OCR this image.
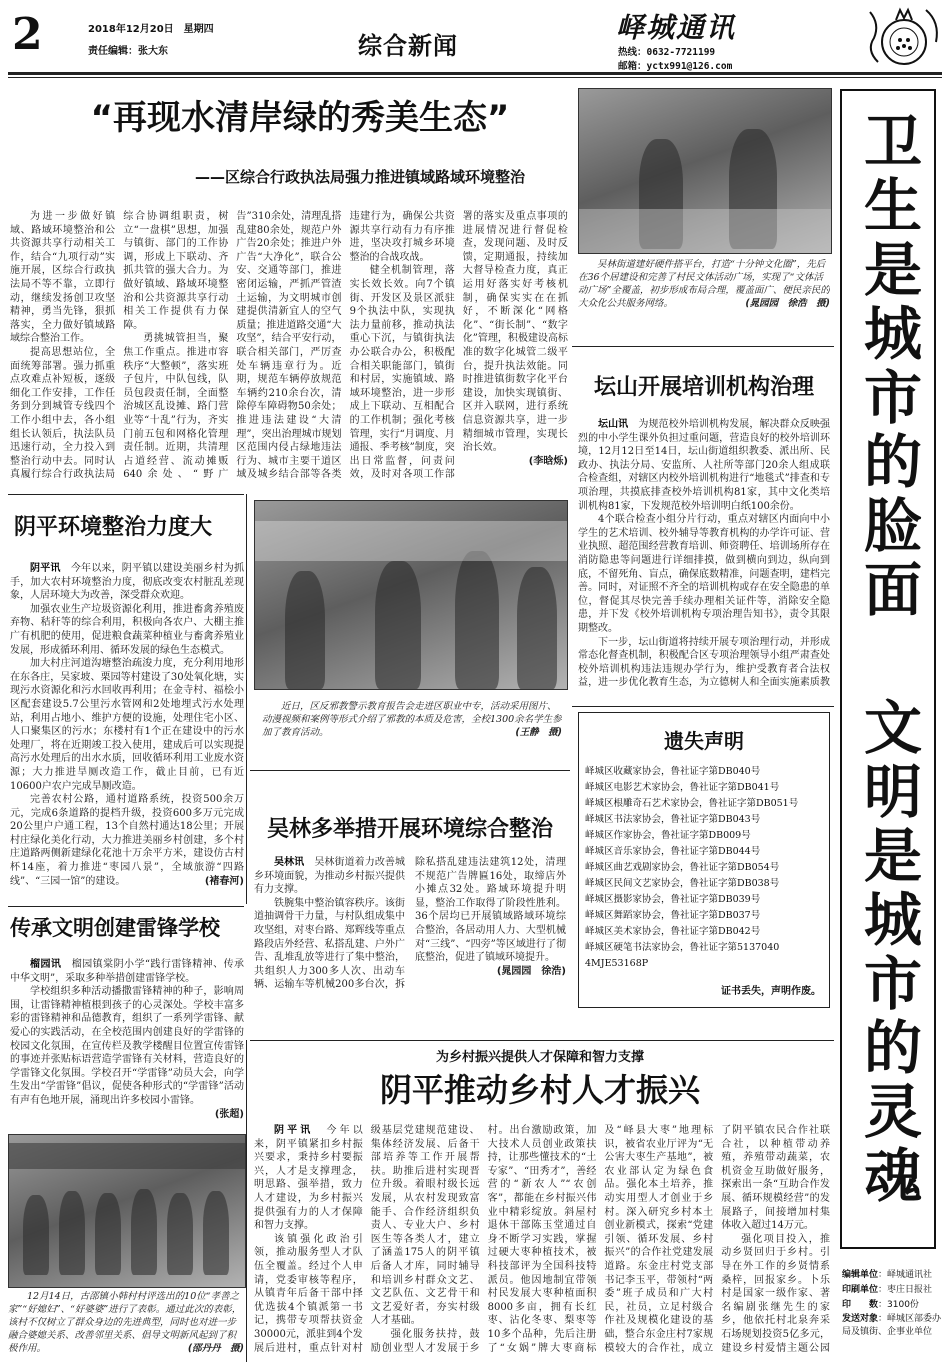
2	2018年12月20日　星期四
责任编辑：张大东	综合新闻
峄城通讯
热线：0632-7721199
邮箱：yctx991@126.com
卫生是城市的脸面 文明是城市的灵魂
编辑单位：峄城通讯社
印刷单位：枣庄日报社
印　　数：3100份
发送对象：峄城区部委办局及镇街、企事业单位
“再现水清岸绿的秀美生态”
——区综合行政执法局强力推进镇域路域环境整治

为进一步做好镇域、路域环境整治和公共资源共享行动相关工作，结合“九项行动”实施开展，区综合行政执法局不等不靠，立即行动，继续发扬创卫攻坚精神，勇当先锋，狠抓落实，全力做好镇域路域综合整治工作。

提高思想站位，全面统筹部署。强力抓重点攻难点补短板，逐级细化工作安排，工作任务到分到城管专线四个工作小组中去，各小组组长认领后，执法队员迅速行动，全力投入到整治行动中去。同时认真履行综合行政执法局综合协调组职责，树立“一盘棋”思想，加强与镇街、部门的工作协调，形成上下联动、齐抓共管的强大合力。为做好镇域、路域环境整治和公共资源共享行动相关工作提供有力保障。

勇挑城管担当，聚焦工作重点。推进市容秩序“大整顿”，落实班子包片，中队包线，队员包段责任制，全面整治城区乱设摊、路门营业等“十乱”行为，齐实门前五包和网格化管理责任制。近期，共清理占道经营、流动摊贩640余处、“野广告”310余处，清理乱搭乱建80余处，规范户外广告20余处；推进户外广告“大净化”，联合公安、交通等部门，推进密闭运输，严抓严管渣土运输，为文明城市创建提供清新宜人的空气质量；推进道路交通“大攻坚”，结合平安行动，联合相关部门，严厉查处车辆违章行为。近期，规范车辆停放规范车辆约210余台次，清除停车障碍物50余处；推进违法建设“大清理”，突出治理城市规划区范围内侵占绿地违法行为、城市主要干道区域及城乡结合部等各类违建行为，确保公共资源共享行动有力有序推进，坚决攻打城乡环境整治的合战攻战。

健全机制管理，落实长效长效。向7个镇街、开发区及景区派驻9个执法中队，实现执法力量前移，推动执法重心下沉，与镇街执法办公联合办公，积极配合相关职能部门，镇街和村居，实施镇域、路域环境整治，进一步形成上下联动、互相配合的工作机制；强化考核管理，实行“月调度、月通报、季考核”制度，突出日常监督，问责问效，及时对各项工作部署的落实及重点事项的进展情况进行督促检查，发现问题、及时反馈，定期通报，持续加大督导检查力度，真正运用好落实好考核机制，确保实实在在抓好，不断深化“网格化”、“街长制”、“数字化”管理，积极建设高标准的数字化城管二级平台，提升执法效能。同时推进镇街数字化平台建设，加快实现镇街、区并入联网，进行系统信息资源共享，进一步精细城市管理，实现长治长效。

(李晗烁)

吴林街道建好硬件搭平台，打造“十分钟文化圈”，先后在36个居建设和完善了村民文体活动广场，实现了“文体活动广场”全覆盖，初步形成布局合理，覆盖面广、便民亲民的大众化公共服务网络。	(晁园园　徐浩　摄)

坛山开展培训机构治理

坛山讯　 为规范校外培训机构发展，解决群众反映强烈的中小学生课外负担过重问题，营造良好的校外培训环境，12月12日至14日，坛山街道组织教委、派出所、民政办、执法分局、安监所、人社所等部门20余人组成联合检查组，对辖区内校外培训机构进行“地毯式”排查和专项治理，共摸底排查校外培训机构81家，其中文化类培训机构81家，下发规范校外培训明白纸100余份。

4个联合检查小组分片行动，重点对辖区内面向中小学生的艺术培训、校外辅导等教育机构的办学许可证、营业执照、超范围经营教育培训、师资聘任、培训场所存在消防隐患等问题进行详细排摸，做到横向到边，纵向到底，不留死角、盲点，确保底数精准，问题查明，建档完善。同时，对证照不齐全的培训机构或存在安全隐患的单位，督促其尽快完善手续办理相关证件等，消除安全隐患，并下发《校外培训机构专项治理告知书》，责令其限期整改。

下一步，坛山街道将持续开展专项治理行动，并形成常态化督查机制，积极配合区专项治理领导小组严肃查处校外培训机构违法违规办学行为，维护受教育者合法权益，进一步优化教育生态，为立德树人和全面实施素质教

遗失声明
峄城区收藏家协会，鲁社证字第DB040号
峄城区电影艺术家协会，鲁社证字第DB041号
峄城区根雕奇石艺术家协会，鲁社证字第DB051号
峄城区书法家协会，鲁社证字第DB043号
峄城区作家协会，鲁社证字第DB009号
峄城区音乐家协会，鲁社证字第DB044号
峄城区曲艺戏剧家协会，鲁社证字第DB054号
峄城区民间文艺家协会，鲁社证字第DB038号
峄城区摄影家协会，鲁社证字第DB039号
峄城区舞蹈家协会，鲁社证字第DB037号
峄城区美术家协会，鲁社证字第DB042号
峄城区硬笔书法家协会，鲁社证字第5137040​4MJE53168P
证书丢失，声明作废。
阴平环境整治力度大

阴平讯　 今年以来，阴平镇以建设美丽乡村为抓手，加大农村环境整治力度，彻底改变农村脏乱差现象，人居环境大为改善，深受群众欢迎。

加强农业生产垃圾资源化利用，推进畜禽养殖废弃物、秸秆等的综合利用，积极向各农户、大棚主推广有机肥的使用，促进粮食蔬菜种植业与畜禽养殖业发展，形成循环利用、循环发展的绿色生态模式。

加大村庄河道沟塘整治疏浚力度，充分利用地形在东各庄，吴家坡、栗园等村建设了30处氧化塘，实现污水资源化和污水回收再利用；在金寺村、福桧小区配套建设5.7公里污水管网和2处地埋式污水处理站，利用占地小、维护方便的设施，处理住宅小区、人口聚集区的污水；东楼村有1个正在建设中的污水处理厂，将在近期竣工投入使用，建成后可以实现提高污水处理后的出水水质，回收循环利用工业废水资源；大力推进旱厕改造工作，截止目前，已有近10600户农户完成旱厕改造。

完善农村公路，通村道路系统，投资500余万元，完成6条道路的提档升级，投资600多万元完成20公里户户通工程，13个自然村通达18公里；开展村庄绿化美化行动，大力推进美丽乡村创建，多个村庄道路两侧新建绿化花池十万余平方米，建设仿古村杯14座，着力推进“枣园八景”，全域旅游“四路线”、“三园一馆”的建设。	(褚春河)

近日，区反邪教警示教育报告会走进区职业中专，活动采用图片、动漫视频和案例等形式介绍了邪教的本质及危害，全校1300余名学生参加了教育活动。	(王静　摄)

吴林多举措开展环境综合整治

吴林讯　 吴林街道着力改善城乡环境面貌，为推动乡村振兴提供有力支撑。

铁腕集中整治镇容秩序。该街道抽调骨干力量，与村队组成集中攻坚组，对枣台路、郑辉线等重点路段店外经营、私搭乱建、户外广告、乱堆乱放等进行了集中整治，共组织人力300多人次、出动车辆、运输车等机械200多台次，拆除私搭乱建违法建筑12处，清理不规范广告牌匾16处，取缔店外小摊点32处。路域环境提升明显，整治工作取得了阶段性胜利。36个居均已开展镇域路域环境综合整治，各居动用人力、大型机械对“三线”、“四旁”等区域进行了彻底整治，促进了镇域环境提升。
(晁园园　徐浩)

传承文明创建雷锋学校

榴园讯　 榴园镇棠阴小学“践行雷锋精神、传承中华文明”，采取多种举措创建雷锋学校。

学校组织多种活动播撒雷锋精神的种子，影响周围，让雷锋精神植根到孩子的心灵深处。学校丰富多彩的雷锋精神和品德教育，组织了一系列学雷锋、献爱心的实践活动，在全校范围内创建良好的学雷锋的校园文化氛围，在宣传栏及教学楼醒目位置宣传雷锋的事迹并张贴标语营造学雷锋有关材料，营造良好的学雷锋文化氛围。学校召开“学雷锋”动员大会，向学生发出“学雷锋”倡议，促使各种形式的“学雷锋”活动有声有色地开展，涌现出许多校园小雷锋。
(张超)

12月14日，古邵镇小韩村村评选出的10位“孝善之家”“好媳妇”、“好婆婆”进行了表彰。通过此次的表彰，该村不仅树立了群众身边的先进典型，同时也对进一步融合婆媳关系、改善邻里关系、倡导文明新风起到了积极作用。	(邵丹丹　摄)

为乡村振兴提供人才保障和智力支撑
阴平推动乡村人才振兴

阴平讯　 今年以来，阴平镇紧扣乡村振兴要求，秉持乡村要振兴，人才是支撑理念，明思路、强举措，致力人才建设，为乡村振兴提供强有力的人才保障和智力支撑。

该镇强化政治引领，推动服务型人才队伍全覆盖。经过个人申请，党委审核等程序，从镇青年后备干部中择优选拔4个镇派第一书记，携带专项帮扶资金30000元，派驻到4个发展后进村，重点针对村级基层党建规范建设、集体经济发展、后备干部培养等工作开展帮扶。助推后进村实现晋位升级。着眼村级长远发展，从农村发现致富能手、合作经济组织负责人、专业大户、乡村医生等各类人才，建立了涵盖175人的阴平镇后备人才库，同时辅导和培训乡村群众文艺、文艺队伍、文艺骨干和文艺爱好者，夯实村级人才基础。

强化服务扶持，鼓励创业型人才发展于乡村。出台激励政策，加大技术人员创业政策扶持，让那些懂技术的“土专家”、“田秀才”，善经营的“新农人”“农创客”，都能在乡村振兴伟业中精彩绽放。斜屋村退休干部陈玉堂通过自身不断学习实践，掌握过硬大枣种植技术，被科技部评为全国科技特派员。他因地制宜带领村民发展大枣种植面积8000多亩，拥有长红枣、沾化冬枣、梨枣等10多个品种，先后注册了“女娲”牌大枣商标及“峄县大枣”地理标识，被省农业厅评为“无公害大枣生产基地”，被农业部认定为绿色食品。强化本土培养，推动实用型人才创业于乡村。深入研究乡村本土创业新模式，探索“党建引领、循环发展、乡村振兴”的合作社党建发展道路。东金庄村党支部书记李玉平，带领村“两委”班子成员和广大村民，社员，立足村级合作社及规模化建设的基础，整合东金庄村7家规模较大的合作社，成立了阴平镇农民合作社联合社，以种植带动养殖，养殖带动蔬菜，农机资金互助做好服务，探索出一条“互助合作发展、循环规模经营”的发展路子，间接增加村集体收入超过14万元。

强化项目投入，推动乡贤回归于乡村。引导在外工作的乡贤情系桑梓，回报家乡。卜乐村是国家一级作家、著名编剧张继先生的家乡，他依托村北泉奔采石场规划投资5亿多元，建设乡村爱情主题公园
